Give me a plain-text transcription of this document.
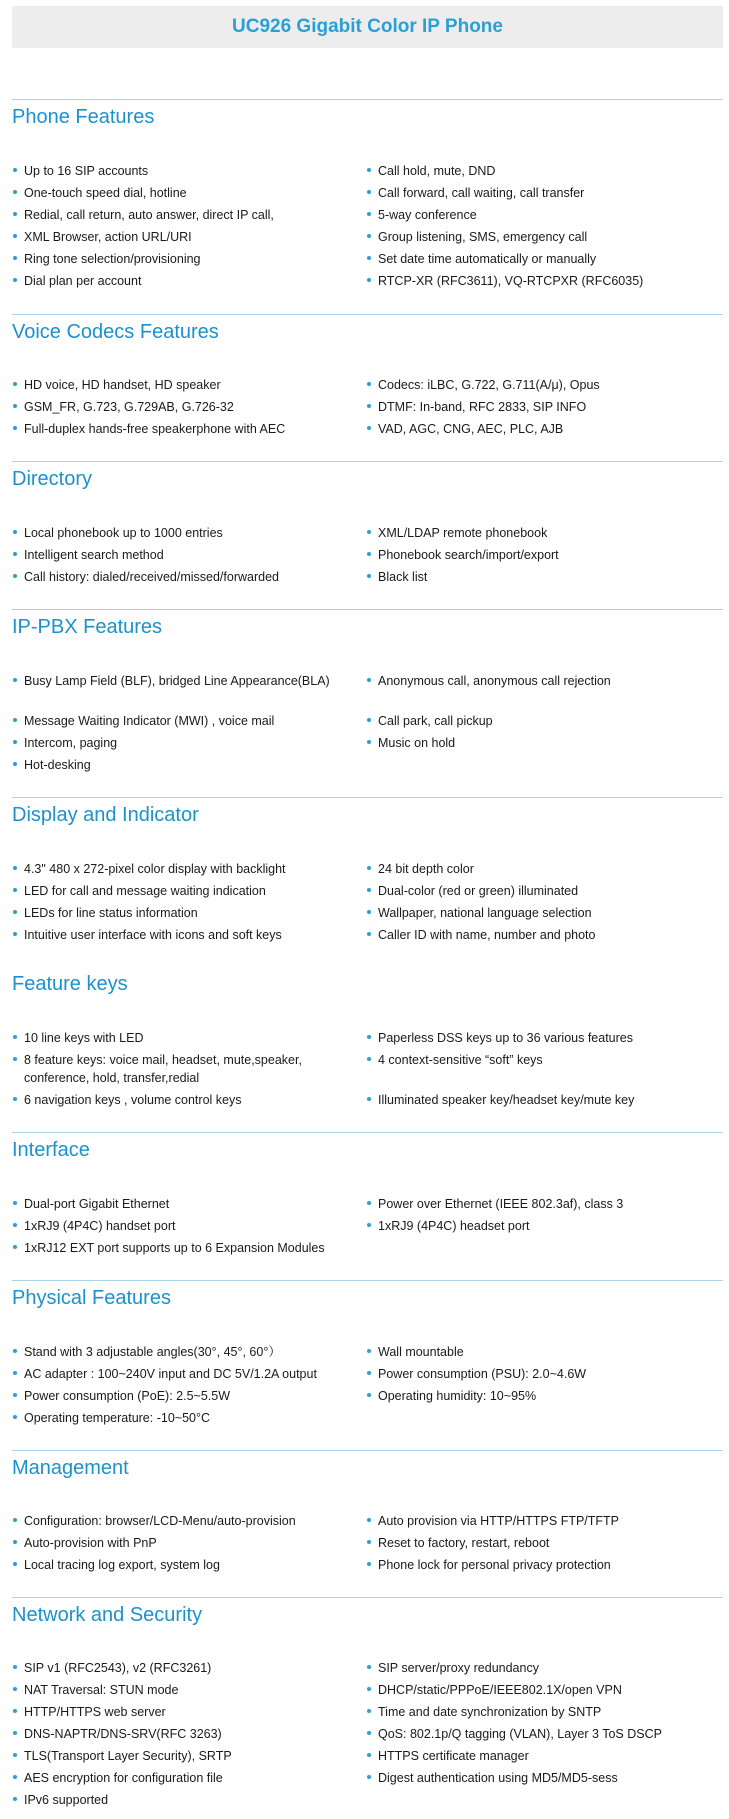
UC926 Gigabit Color IP Phone
Phone Features
Up to 16 SIP accounts
One-touch speed dial, hotline
Redial, call return, auto answer, direct IP call,
XML Browser, action URL/URI
Ring tone selection/provisioning
Dial plan per account
Call hold, mute, DND
Call forward, call waiting, call transfer
5-way conference
Group listening, SMS, emergency call
Set date time automatically or manually
RTCP-XR (RFC3611), VQ-RTCPXR (RFC6035)
Voice Codecs Features
HD voice, HD handset, HD speaker
GSM_FR, G.723, G.729AB, G.726-32
Full-duplex hands-free speakerphone with AEC
Codecs: iLBC, G.722, G.711(A/μ), Opus
DTMF: In-band, RFC 2833, SIP INFO
VAD, AGC, CNG, AEC, PLC, AJB
Directory
Local phonebook up to 1000 entries
Intelligent search method
Call history: dialed/received/missed/forwarded
XML/LDAP remote phonebook
Phonebook search/import/export
Black list
IP-PBX Features
Busy Lamp Field (BLF), bridged Line Appearance(BLA)
Message Waiting Indicator (MWI) , voice mail
Intercom, paging
Hot-desking
Anonymous call, anonymous call rejection
Call park, call pickup
Music on hold
Display and Indicator
4.3" 480 x 272-pixel color display with backlight
LED for call and message waiting indication
LEDs for line status information
Intuitive user interface with icons and soft keys
24 bit depth color
Dual-color (red or green) illuminated
Wallpaper, national language selection
Caller ID with name, number and photo
Feature keys
10 line keys with LED
8 feature keys: voice mail, headset, mute,speaker, conference, hold, transfer,redial
6 navigation keys , volume control keys
Paperless DSS keys up to 36 various features
4 context-sensitive “soft” keys
Illuminated speaker key/headset key/mute key
Interface
Dual-port Gigabit Ethernet
1xRJ9 (4P4C) handset port
1xRJ12 EXT port supports up to 6 Expansion Modules
Power over Ethernet (IEEE 802.3af), class 3
1xRJ9 (4P4C) headset port
Physical Features
Stand with 3 adjustable angles(30°, 45°, 60°）
AC adapter : 100~240V input and DC 5V/1.2A output
Power consumption (PoE): 2.5~5.5W
Operating temperature: -10~50°C
Wall mountable
Power consumption (PSU): 2.0~4.6W
Operating humidity: 10~95%
Management
Configuration: browser/LCD-Menu/auto-provision
Auto-provision with PnP
Local tracing log export, system log
Auto provision via HTTP/HTTPS FTP/TFTP
Reset to factory, restart, reboot
Phone lock for personal privacy protection
Network and Security
SIP v1 (RFC2543), v2 (RFC3261)
NAT Traversal: STUN mode
HTTP/HTTPS web server
DNS-NAPTR/DNS-SRV(RFC 3263)
TLS(Transport Layer Security), SRTP
AES encryption for configuration file
IPv6 supported
SIP server/proxy redundancy
DHCP/static/PPPoE/IEEE802.1X/open VPN
Time and date synchronization by SNTP
QoS: 802.1p/Q tagging (VLAN), Layer 3 ToS DSCP
HTTPS certificate manager
Digest authentication using MD5/MD5-sess
